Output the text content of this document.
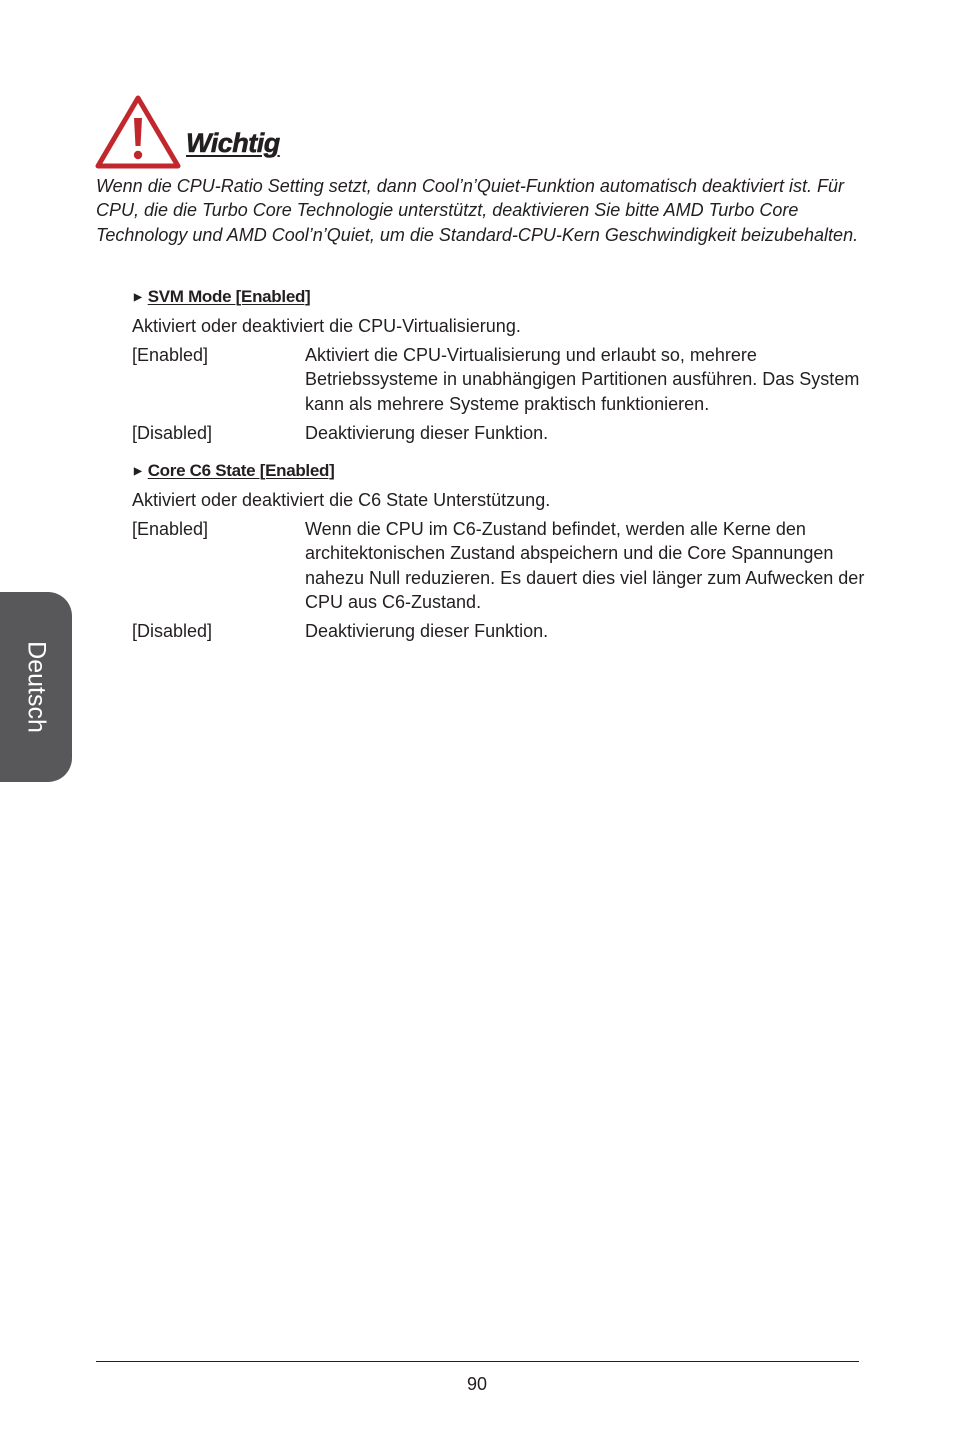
Wichtig

Wenn die CPU-Ratio Setting setzt, dann Cool’n’Quiet-Funktion automatisch deaktiviert ist. Für CPU, die die Turbo Core Technologie unterstützt, deaktivieren Sie bitte AMD Turbo Core Technology und AMD Cool’n’Quiet, um die Standard-CPU-Kern Geschwindigkeit beizubehalten.

▶ SVM Mode [Enabled]

Aktiviert oder deaktiviert die CPU-Virtualisierung.

[Enabled]	Aktiviert die CPU-Virtualisierung und erlaubt so, mehrere Betriebssysteme in unabhängigen Partitionen ausführen. Das System kann als mehrere Systeme praktisch funktionieren.

[Disabled]	Deaktivierung dieser Funktion.

▶ Core C6 State [Enabled]

Aktiviert oder deaktiviert die C6 State Unterstützung.

[Enabled]	Wenn die CPU im C6-Zustand befindet, werden alle Kerne den architektonischen Zustand abspeichern und die Core Spannungen nahezu Null reduzieren. Es dauert dies viel länger zum Aufwecken der CPU aus C6-Zustand.

[Disabled]	Deaktivierung dieser Funktion.

Deutsch
90
